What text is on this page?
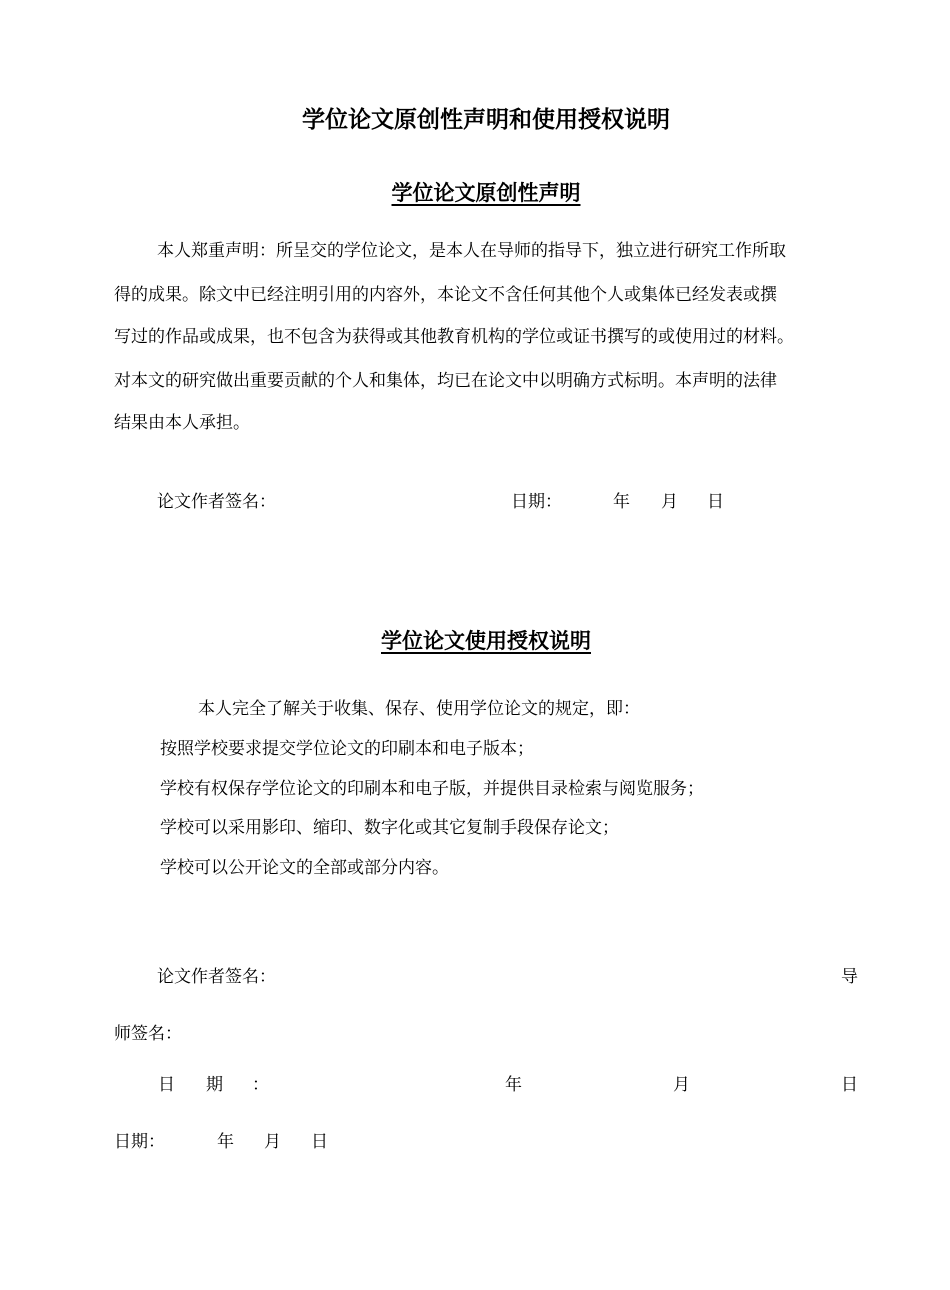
学位论文原创性声明和使用授权说明
学位论文原创性声明
本人郑重声明：所呈交的学位论文，是本人在导师的指导下，独立进行研究工作所取
得的成果。除文中已经注明引用的内容外，本论文不含任何其他个人或集体已经发表或撰
写过的作品或成果，也不包含为获得或其他教育机构的学位或证书撰写的或使用过的材料。
对本文的研究做出重要贡献的个人和集体，均已在论文中以明确方式标明。本声明的法律
结果由本人承担。
论文作者签名：	日期：	年 月 日
学位论文使用授权说明
本人完全了解关于收集、保存、使用学位论文的规定，即：
按照学校要求提交学位论文的印刷本和电子版本；
学校有权保存学位论文的印刷本和电子版，并提供目录检索与阅览服务；
学校可以采用影印、缩印、数字化或其它复制手段保存论文；
学校可以公开论文的全部或部分内容。
论文作者签名：	导
师签名：
日 期 ：	年	月	日
日期：	年 月 日
